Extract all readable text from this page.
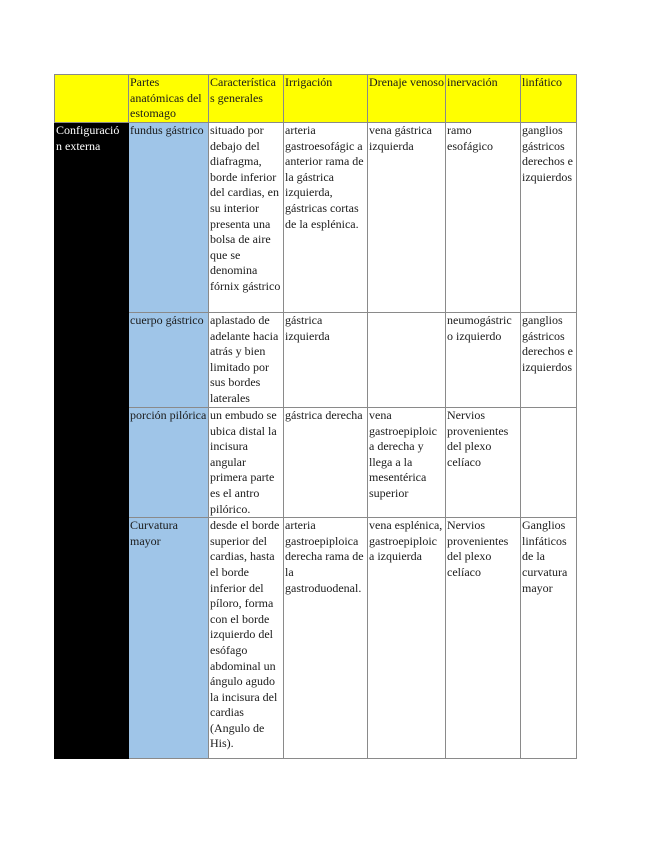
	Partes anatómicas del estomago	Característica s generales	Irrigación	Drenaje venoso	inervación	linfático
Configuració n externa	fundus gástrico	situado por debajo del diafragma, borde inferior del cardias, en su interior presenta una bolsa de aire que se denomina fórnix gástrico	arteria gastroesofágic a anterior rama de la gástrica izquierda, gástricas cortas de la esplénica.	vena gástrica izquierda	ramo esofágico	ganglios gástricos derechos e izquierdos
	cuerpo gástrico	aplastado de adelante hacia atrás y bien limitado por sus bordes laterales	gástrica izquierda		neumogástric o izquierdo	ganglios gástricos derechos e izquierdos
	porción pilórica	un embudo se ubica distal la incisura angular primera parte es el antro pilórico.	gástrica derecha	vena gastroepiploic a derecha y llega a la mesentérica superior	Nervios provenientes del plexo celíaco	
	Curvatura mayor	desde el borde superior del cardias, hasta el borde inferior del píloro, forma con el borde izquierdo del esófago abdominal un ángulo agudo la incisura del cardias (Angulo de His).	arteria gastroepiploica derecha rama de la gastroduodenal.	vena esplénica, gastroepiploic a izquierda	Nervios provenientes del plexo celíaco	Ganglios linfáticos de la curvatura mayor
